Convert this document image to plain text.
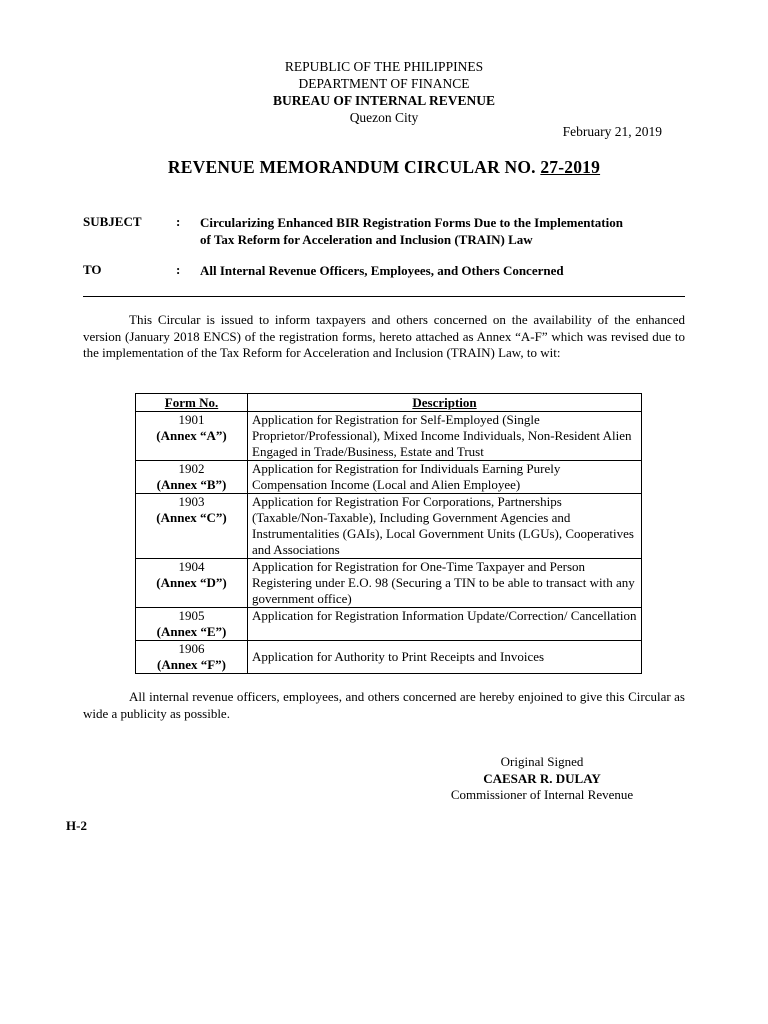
REPUBLIC OF THE PHILIPPINES
DEPARTMENT OF FINANCE
BUREAU OF INTERNAL REVENUE
Quezon City
February 21, 2019
REVENUE MEMORANDUM CIRCULAR NO. 27-2019
SUBJECT	: Circularizing Enhanced BIR Registration Forms Due to the Implementation
of Tax Reform for Acceleration and Inclusion (TRAIN) Law
TO	: All Internal Revenue Officers, Employees, and Others Concerned
This Circular is issued to inform taxpayers and others concerned on the availability of the enhanced version (January 2018 ENCS) of the registration forms, hereto attached as Annex “A-F” which was revised due to the implementation of the Tax Reform for Acceleration and Inclusion (TRAIN) Law, to wit:
Form No.	Description

1901
(Annex “A”)	Application for Registration for Self-Employed (Single Proprietor/Professional), Mixed Income Individuals, Non-Resident Alien Engaged in Trade/Business, Estate and Trust

1902
(Annex “B”)	Application for Registration for Individuals Earning Purely Compensation Income (Local and Alien Employee)

1903
(Annex “C”)	Application for Registration For Corporations, Partnerships (Taxable/Non-Taxable), Including Government Agencies and Instrumentalities (GAIs), Local Government Units (LGUs), Cooperatives and Associations

1904
(Annex “D”)	Application for Registration for One-Time Taxpayer and Person Registering under E.O. 98 (Securing a TIN to be able to transact with any government office)

1905
(Annex “E”)	Application for Registration Information Update/Correction/ Cancellation

1906
(Annex “F”)	Application for Authority to Print Receipts and Invoices
All internal revenue officers, employees, and others concerned are hereby enjoined to give this Circular as wide a publicity as possible.
Original Signed
CAESAR R. DULAY
Commissioner of Internal Revenue
H-2
